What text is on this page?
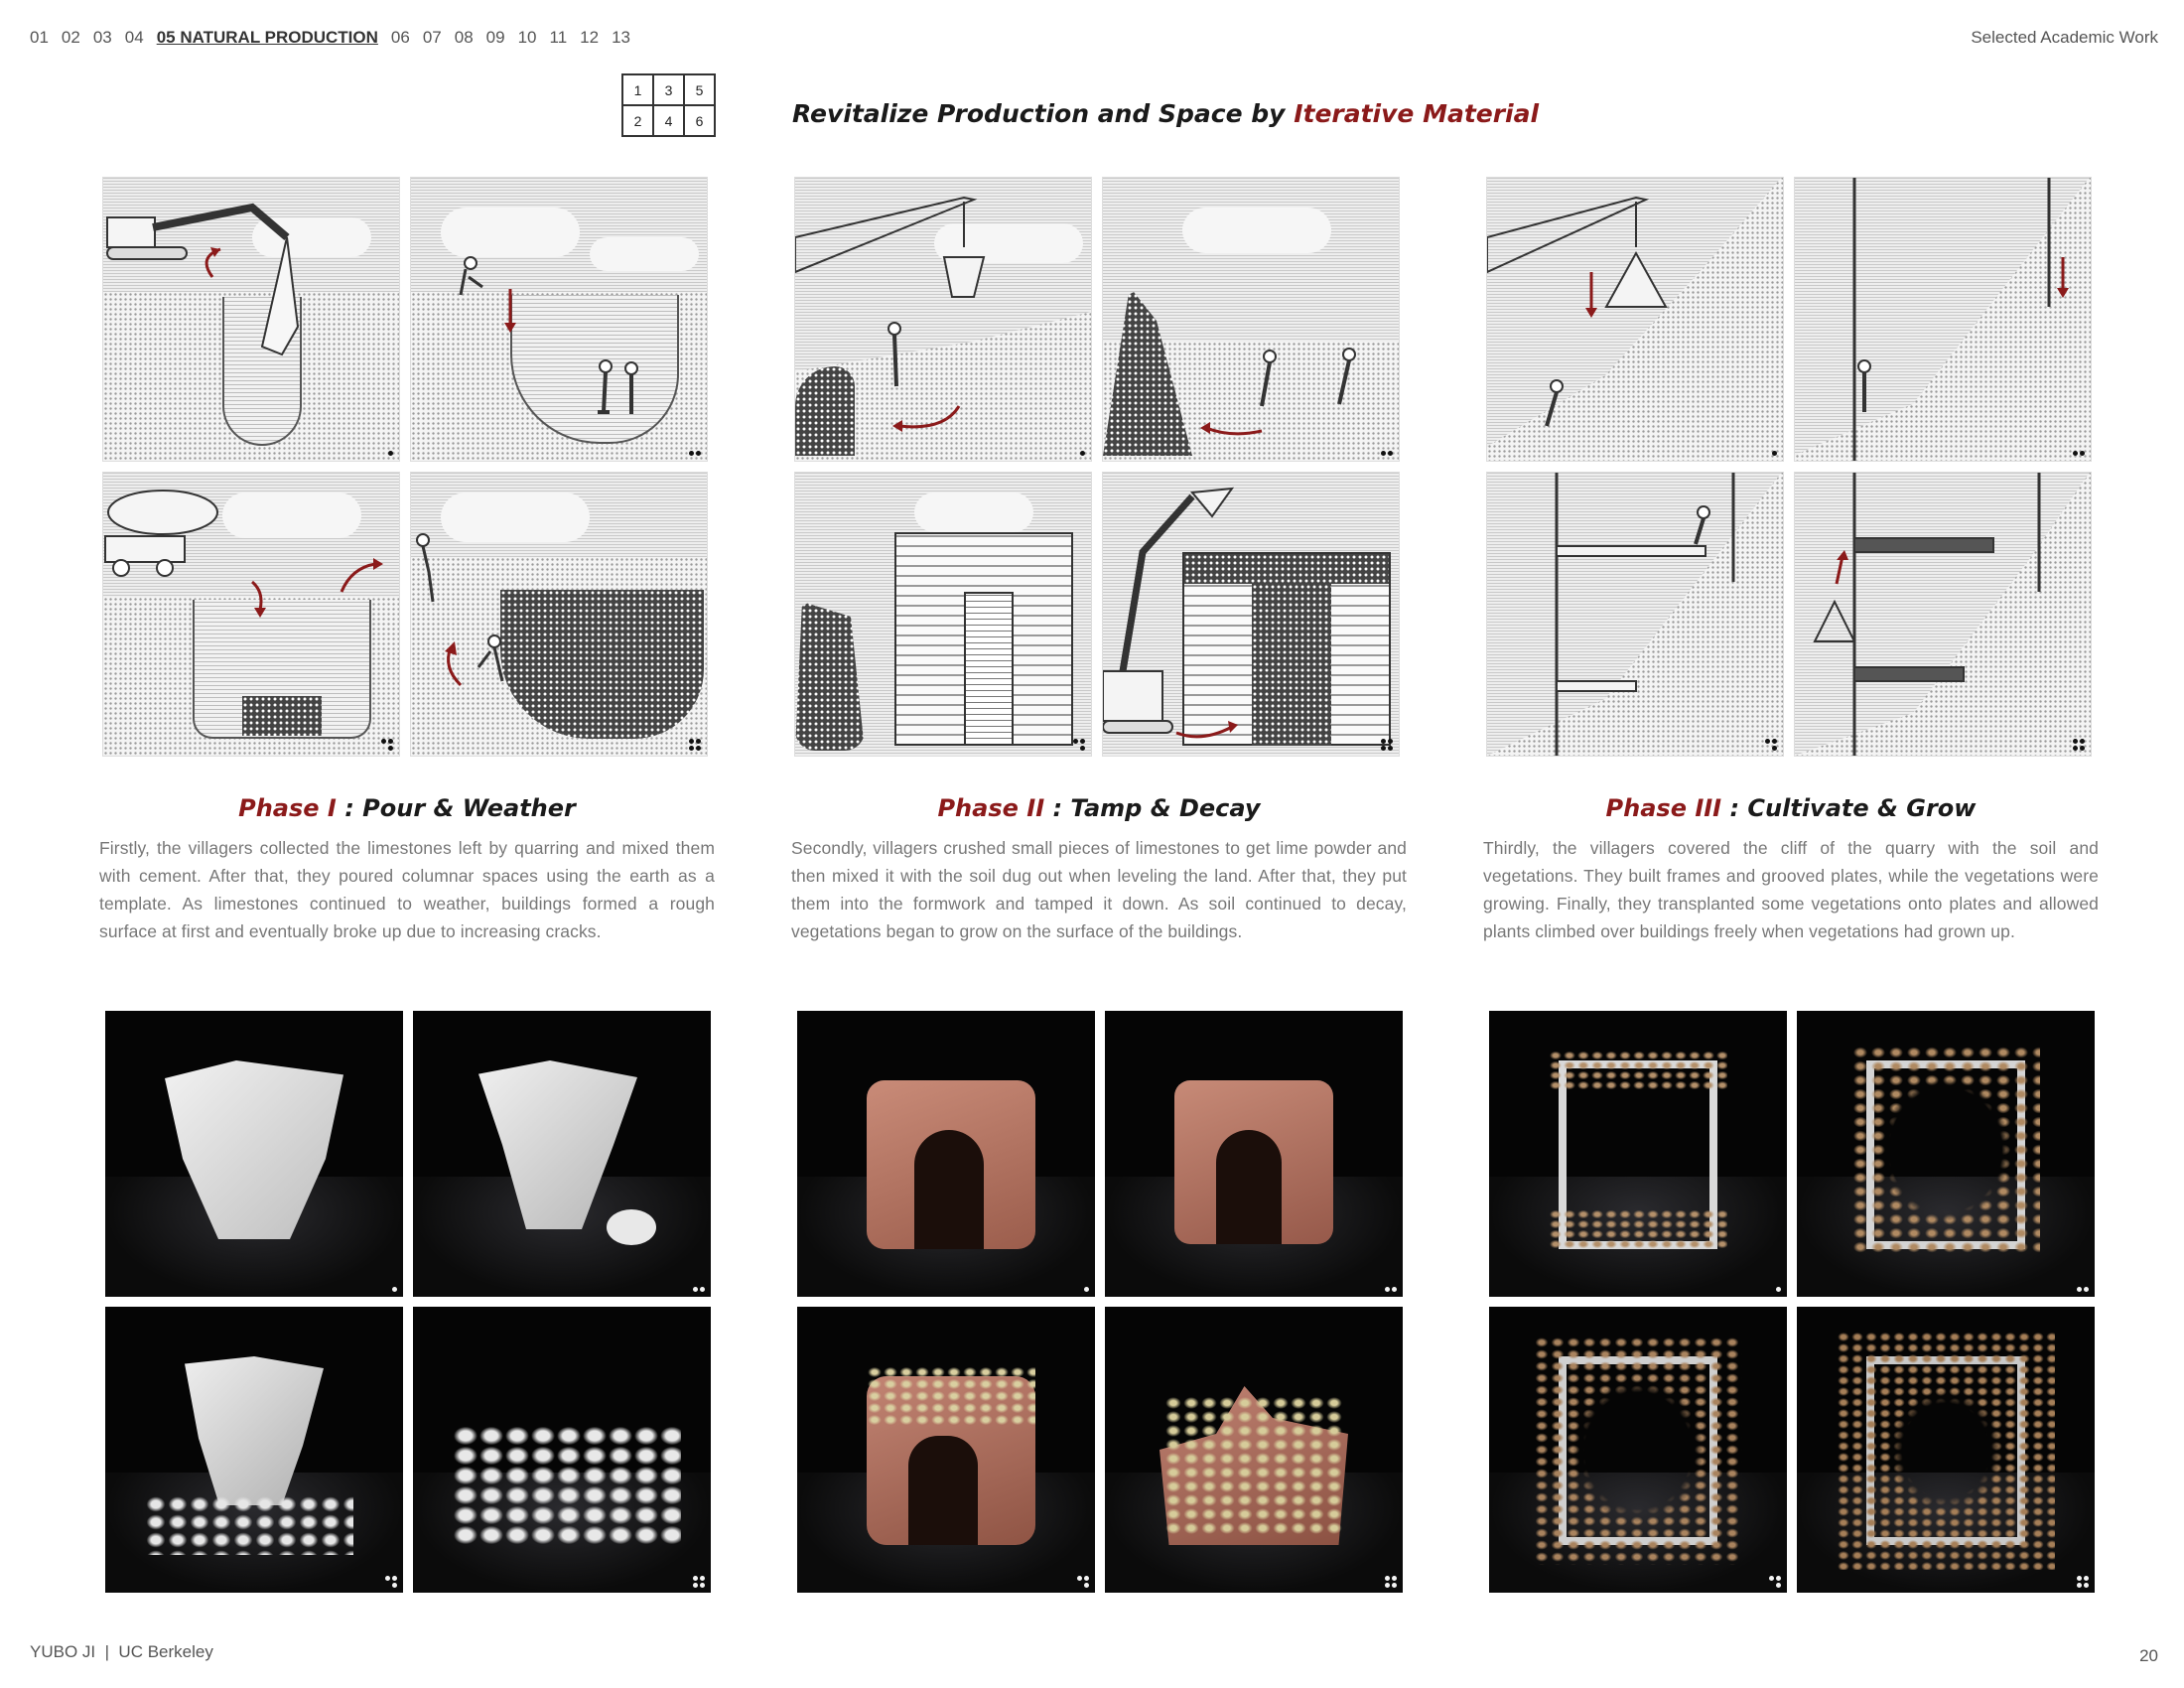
01 02 03 04 05 NATURAL PRODUCTION 06 07 08 09 10 11 12 13	Selected Academic Work
1	3	5
2	4	6	Revitalize Production and Space by Iterative Material
Phase I : Pour & Weather

Firstly, the villagers collected the limestones left by quarring and mixed them with cement. After that, they poured columnar spaces using the earth as a template. As limestones continued to weather, buildings formed a rough surface at first and eventually broke up due to increasing cracks.

Phase II : Tamp & Decay

Secondly, villagers crushed small pieces of limestones to get lime powder and then mixed it with the soil dug out when leveling the land. After that, they put them into the formwork and tamped it down. As soil continued to decay, vegetations began to grow on the surface of the buildings.

Phase III : Cultivate & Grow

Thirdly, the villagers covered the cliff of the quarry with the soil and vegetations. They built frames and grooved plates, while the vegetations were growing. Finally, they transplanted some vegetations onto plates and allowed plants climbed over buildings freely when vegetations had grown up.

YUBO JI  |  UC Berkeley	20
